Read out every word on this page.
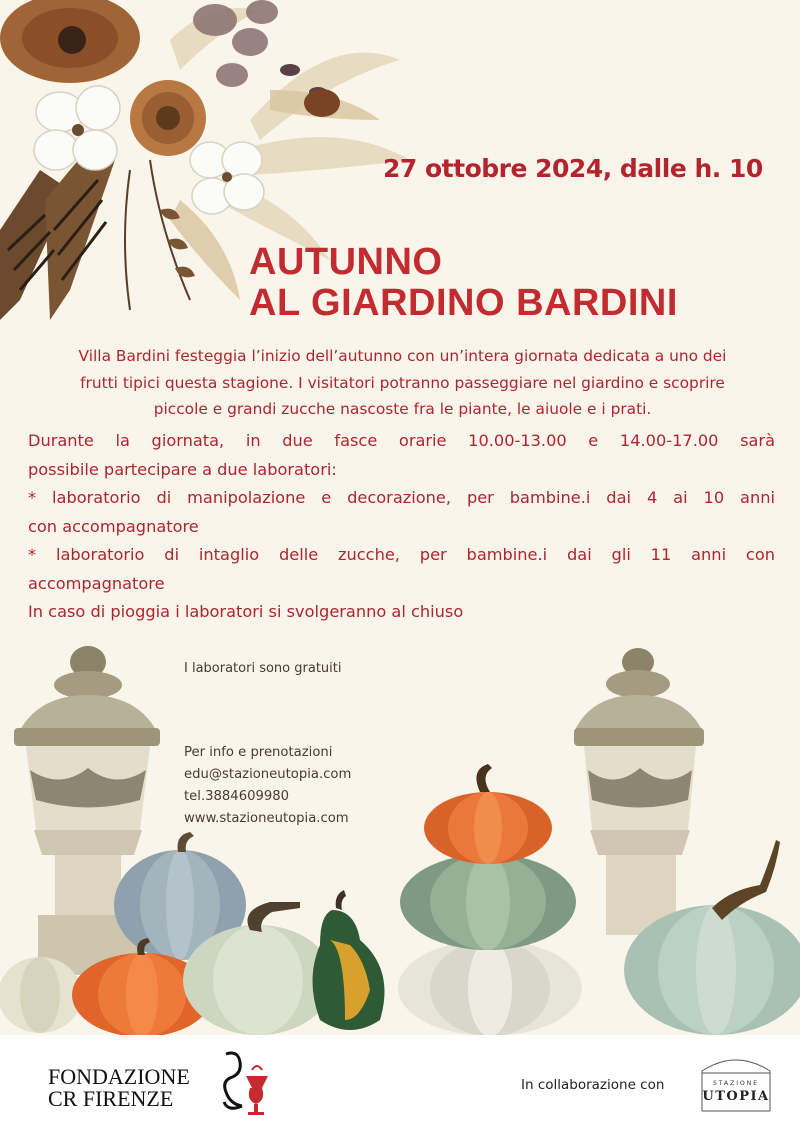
27 ottobre 2024, dalle h. 10
AUTUNNO
AL GIARDINO BARDINI

Villa Bardini festeggia l’inizio dell’autunno con un’intera giornata dedicata a uno dei

frutti tipici questa stagione. I visitatori potranno passeggiare nel giardino e scoprire

piccole e grandi zucche nascoste fra le piante, le aiuole e i prati.

Durante la giornata, in due fasce orarie 10.00-13.00 e 14.00-17.00 sarà

possibile partecipare a due laboratori:

* laboratorio di manipolazione e decorazione, per bambine.i dai 4 ai 10 anni

con accompagnatore

* laboratorio di intaglio delle zucche, per bambine.i dai gli 11 anni con

accompagnatore

In caso di pioggia i laboratori si svolgeranno al chiuso

I laboratori sono gratuiti
Per info e prenotazioni
edu@stazioneutopia.com
tel.3884609980
www.stazioneutopia.com
FONDAZIONE
CR FIRENZE
In collaborazione con	STAZIONE
UTOPIA
